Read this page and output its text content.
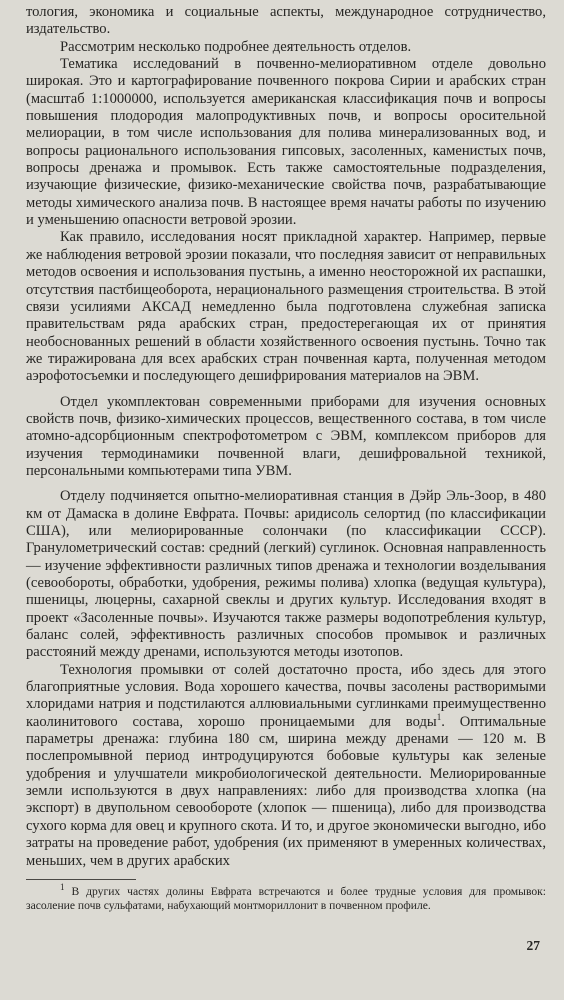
тология, экономика и социальные аспекты, международное сотрудничество, издательство.

Рассмотрим несколько подробнее деятельность отделов.

Тематика исследований в почвенно-мелиоративном отделе довольно широкая. Это и картографирование почвенного покрова Сирии и арабских стран (масштаб 1:1000000, используется американская классификация почв и вопросы повышения плодородия малопродуктивных почв, и вопросы оросительной мелиорации, в том числе использования для полива минерализованных вод, и вопросы рационального использования гипсовых, засоленных, каменистых почв, вопросы дренажа и промывок. Есть также самостоятельные подразделения, изучающие физические, физико-механические свойства почв, разрабатывающие методы химического анализа почв. В настоящее время начаты работы по изучению и уменьшению опасности ветровой эрозии.

Как правило, исследования носят прикладной характер. Например, первые же наблюдения ветровой эрозии показали, что последняя зависит от неправильных методов освоения и использования пустынь, а именно неосторожной их распашки, отсутствия пастбищеоборота, нерационального размещения строительства. В этой связи усилиями АКСАД немедленно была подготовлена служебная записка правительствам ряда арабских стран, предостерегающая их от принятия необоснованных решений в области хозяйственного освоения пустынь. Точно так же тиражирована для всех арабских стран почвенная карта, полученная методом аэрофотосъемки и последующего дешифрирования материалов на ЭВМ.

Отдел укомплектован современными приборами для изучения основных свойств почв, физико-химических процессов, вещественного состава, в том числе атомно-адсорбционным спектрофотометром с ЭВМ, комплексом приборов для изучения термодинамики почвенной влаги, дешифровальной техникой, персональными компьютерами типа УВМ.

Отделу подчиняется опытно-мелиоративная станция в Дэйр Эль-Зоор, в 480 км от Дамаска в долине Евфрата. Почвы: аридисоль селортид (по классификации США), или мелиорированные солончаки (по классификации СССР). Гранулометрический состав: средний (легкий) суглинок. Основная направленность — изучение эффективности различных типов дренажа и технологии возделывания (севообороты, обработки, удобрения, режимы полива) хлопка (ведущая культура), пшеницы, люцерны, сахарной свеклы и других культур. Исследования входят в проект «Засоленные почвы». Изучаются также размеры водопотребления культур, баланс солей, эффективность различных способов промывок и различных расстояний между дренами, используются методы изотопов.

Технология промывки от солей достаточно проста, ибо здесь для этого благоприятные условия. Вода хорошего качества, почвы засолены растворимыми хлоридами натрия и подстилаются аллювиальными суглинками преимущественно каолинитового состава, хорошо проницаемыми для воды$^1$. Оптимальные параметры дренажа: глубина 180 см, ширина между дренами — 120 м. В послепромывной период интродуцируются бобовые культуры как зеленые удобрения и улучшатели микробиологической деятельности. Мелиорированные земли используются в двух направлениях: либо для производства хлопка (на экспорт) в двупольном севообороте (хлопок — пшеница), либо для производства сухого корма для овец и крупного скота. И то, и другое экономически выгодно, ибо затраты на проведение работ, удобрения (их применяют в умеренных количествах, меньших, чем в других арабских

$^1$ В других частях долины Евфрата встречаются и более трудные условия для промывок: засоление почв сульфатами, набухающий монтмориллонит в почвенном профиле.

27
